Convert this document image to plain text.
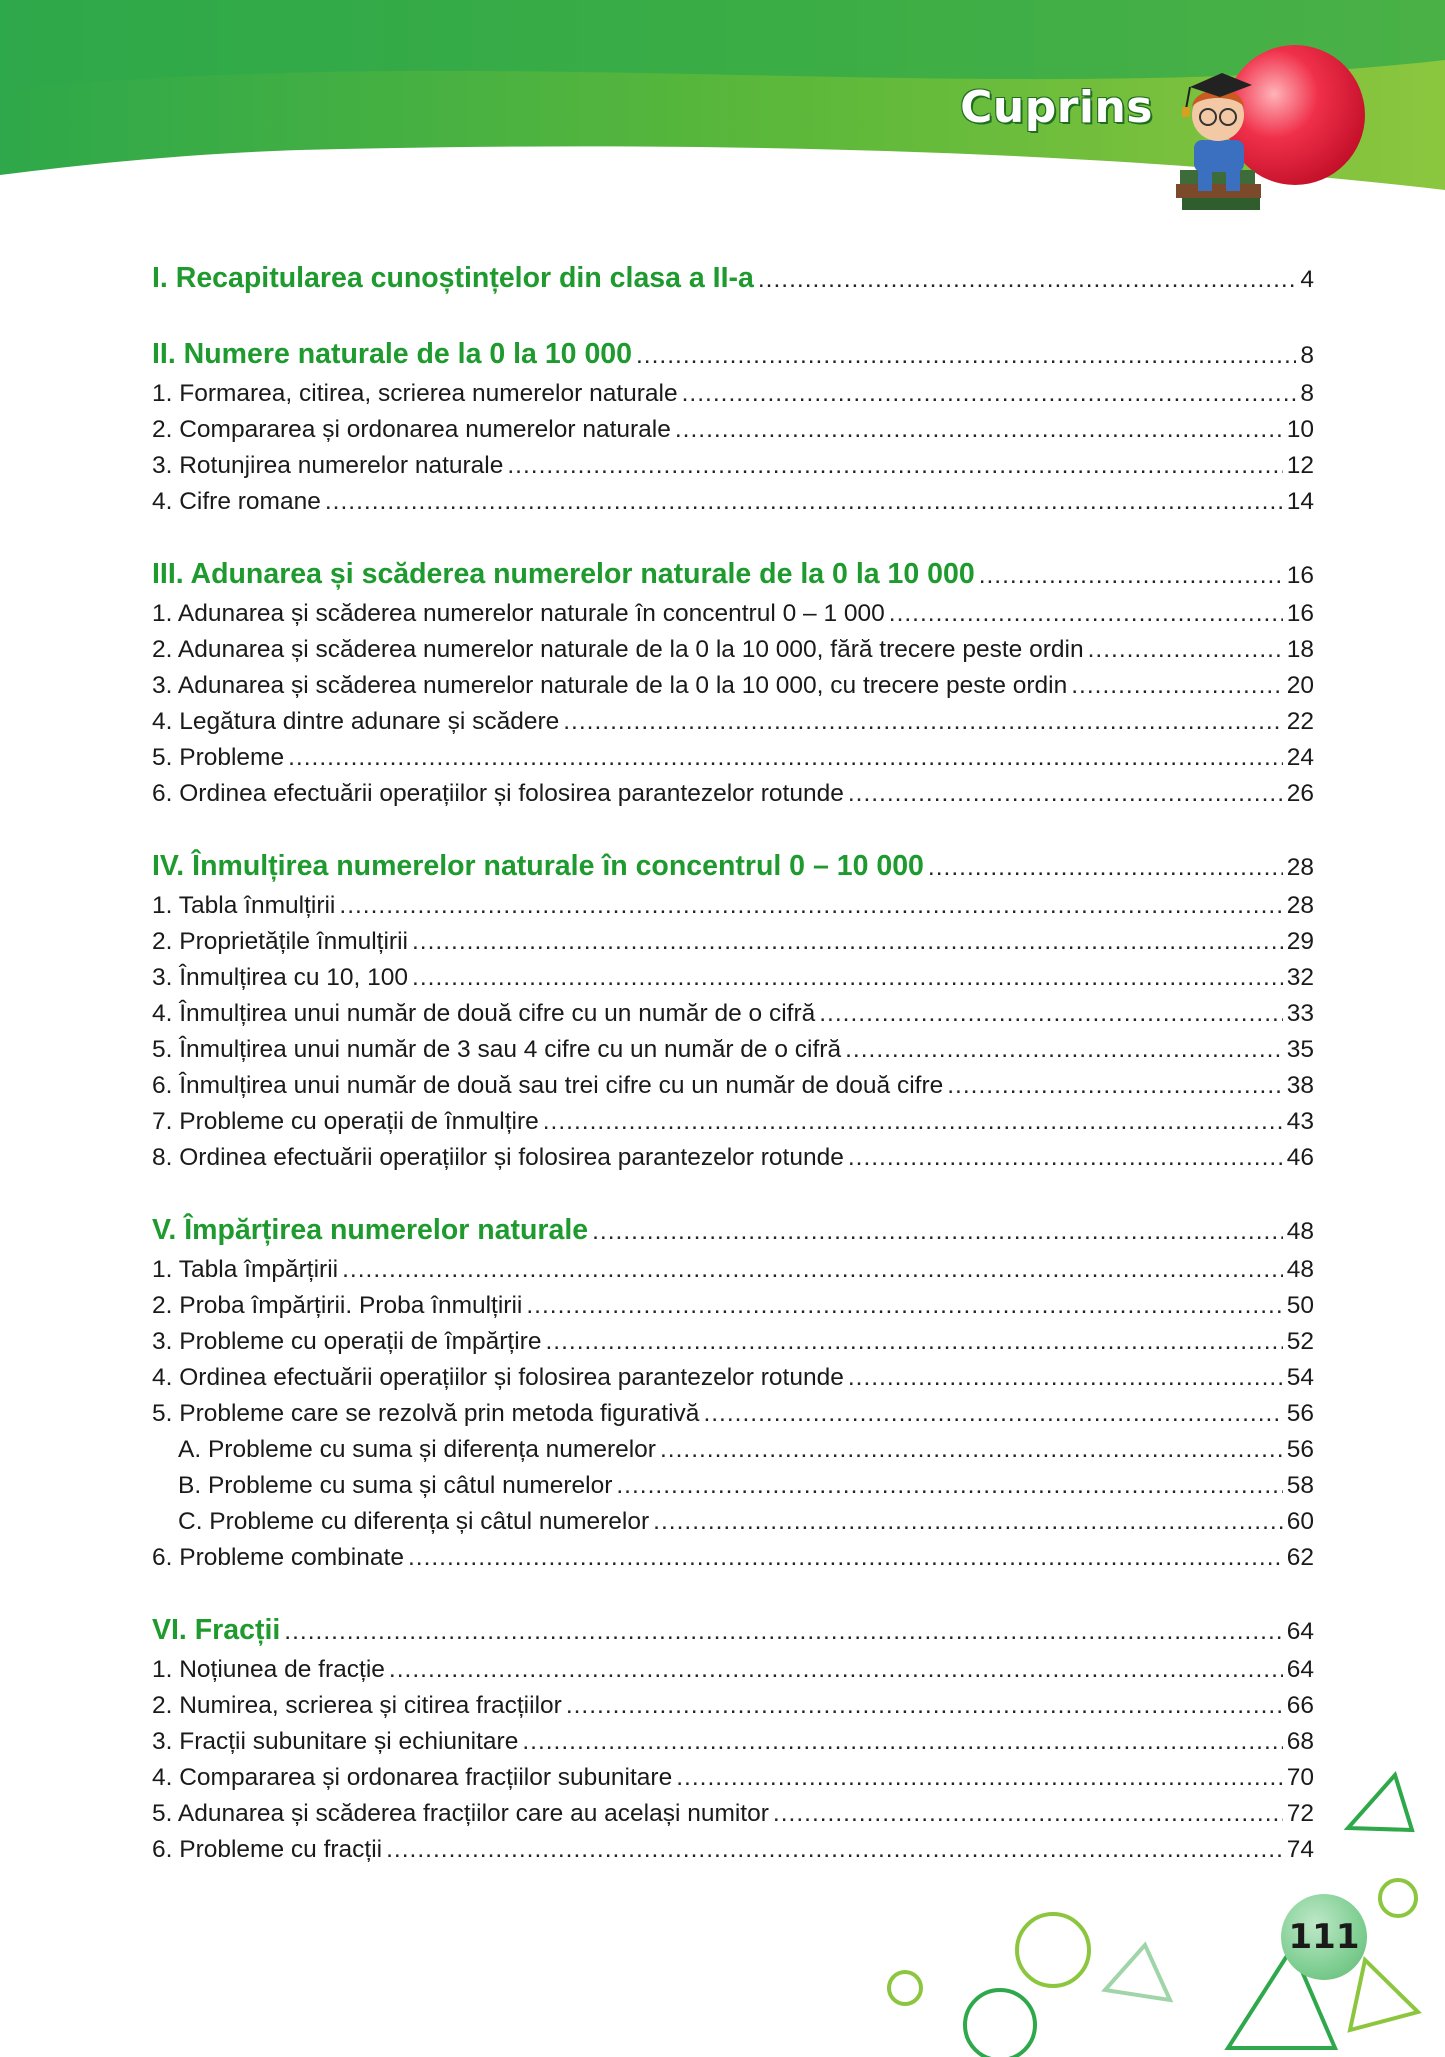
Cuprins
I. Recapitularea cunoștințelor din clasa a II-a .....	4
II. Numere naturale de la 0 la 10 000 .....	8
1. Formarea, citirea, scrierea numerelor naturale .....	8
2. Compararea și ordonarea numerelor naturale .....	10
3. Rotunjirea numerelor naturale .....	12
4. Cifre romane .....	14
III. Adunarea și scăderea numerelor naturale de la 0 la 10 000 .....	16
1. Adunarea și scăderea numerelor naturale în concentrul 0 – 1 000 .....	16
2. Adunarea și scăderea numerelor naturale de la 0 la 10 000, fără trecere peste ordin .....	18
3. Adunarea și scăderea numerelor naturale de la 0 la 10 000, cu trecere peste ordin .....	20
4. Legătura dintre adunare și scădere .....	22
5. Probleme .....	24
6. Ordinea efectuării operațiilor și folosirea parantezelor rotunde .....	26
IV. Înmulțirea numerelor naturale în concentrul 0 – 10 000 .....	28
1. Tabla înmulțirii .....	28
2. Proprietățile înmulțirii .....	29
3. Înmulțirea cu 10, 100 .....	32
4. Înmulțirea unui număr de două cifre cu un număr de o cifră .....	33
5. Înmulțirea unui număr de 3 sau 4 cifre cu un număr de o cifră .....	35
6. Înmulțirea unui număr de două sau trei cifre cu un număr de două cifre .....	38
7. Probleme cu operații de înmulțire .....	43
8. Ordinea efectuării operațiilor și folosirea parantezelor rotunde .....	46
V. Împărțirea numerelor naturale .....	48
1. Tabla împărțirii .....	48
2. Proba împărțirii. Proba înmulțirii .....	50
3. Probleme cu operații de împărțire .....	52
4. Ordinea efectuării operațiilor și folosirea parantezelor rotunde .....	54
5. Probleme care se rezolvă prin metoda figurativă .....	56
A. Probleme cu suma și diferența numerelor .....	56
B. Probleme cu suma și câtul numerelor .....	58
C. Probleme cu diferența și câtul numerelor .....	60
6. Probleme combinate .....	62
VI. Fracții .....	64
1. Noțiunea de fracție .....	64
2. Numirea, scrierea și citirea fracțiilor .....	66
3. Fracții subunitare și echiunitare .....	68
4. Compararea și ordonarea fracțiilor subunitare .....	70
5. Adunarea și scăderea fracțiilor care au același numitor .....	72
6. Probleme cu fracții .....	74
111
